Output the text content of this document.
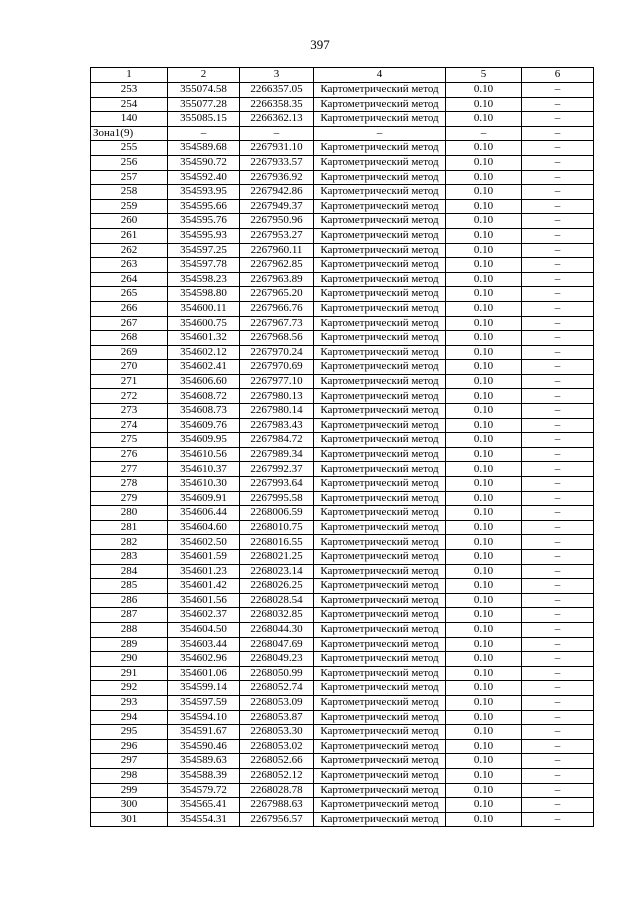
397
1	2	3	4	5	6
253	355074.58	2266357.05	Картометрический метод	0.10	–
254	355077.28	2266358.35	Картометрический метод	0.10	–
140	355085.15	2266362.13	Картометрический метод	0.10	–
Зона1(9)	–	–	–	–	–
255	354589.68	2267931.10	Картометрический метод	0.10	–
256	354590.72	2267933.57	Картометрический метод	0.10	–
257	354592.40	2267936.92	Картометрический метод	0.10	–
258	354593.95	2267942.86	Картометрический метод	0.10	–
259	354595.66	2267949.37	Картометрический метод	0.10	–
260	354595.76	2267950.96	Картометрический метод	0.10	–
261	354595.93	2267953.27	Картометрический метод	0.10	–
262	354597.25	2267960.11	Картометрический метод	0.10	–
263	354597.78	2267962.85	Картометрический метод	0.10	–
264	354598.23	2267963.89	Картометрический метод	0.10	–
265	354598.80	2267965.20	Картометрический метод	0.10	–
266	354600.11	2267966.76	Картометрический метод	0.10	–
267	354600.75	2267967.73	Картометрический метод	0.10	–
268	354601.32	2267968.56	Картометрический метод	0.10	–
269	354602.12	2267970.24	Картометрический метод	0.10	–
270	354602.41	2267970.69	Картометрический метод	0.10	–
271	354606.60	2267977.10	Картометрический метод	0.10	–
272	354608.72	2267980.13	Картометрический метод	0.10	–
273	354608.73	2267980.14	Картометрический метод	0.10	–
274	354609.76	2267983.43	Картометрический метод	0.10	–
275	354609.95	2267984.72	Картометрический метод	0.10	–
276	354610.56	2267989.34	Картометрический метод	0.10	–
277	354610.37	2267992.37	Картометрический метод	0.10	–
278	354610.30	2267993.64	Картометрический метод	0.10	–
279	354609.91	2267995.58	Картометрический метод	0.10	–
280	354606.44	2268006.59	Картометрический метод	0.10	–
281	354604.60	2268010.75	Картометрический метод	0.10	–
282	354602.50	2268016.55	Картометрический метод	0.10	–
283	354601.59	2268021.25	Картометрический метод	0.10	–
284	354601.23	2268023.14	Картометрический метод	0.10	–
285	354601.42	2268026.25	Картометрический метод	0.10	–
286	354601.56	2268028.54	Картометрический метод	0.10	–
287	354602.37	2268032.85	Картометрический метод	0.10	–
288	354604.50	2268044.30	Картометрический метод	0.10	–
289	354603.44	2268047.69	Картометрический метод	0.10	–
290	354602.96	2268049.23	Картометрический метод	0.10	–
291	354601.06	2268050.99	Картометрический метод	0.10	–
292	354599.14	2268052.74	Картометрический метод	0.10	–
293	354597.59	2268053.09	Картометрический метод	0.10	–
294	354594.10	2268053.87	Картометрический метод	0.10	–
295	354591.67	2268053.30	Картометрический метод	0.10	–
296	354590.46	2268053.02	Картометрический метод	0.10	–
297	354589.63	2268052.66	Картометрический метод	0.10	–
298	354588.39	2268052.12	Картометрический метод	0.10	–
299	354579.72	2268028.78	Картометрический метод	0.10	–
300	354565.41	2267988.63	Картометрический метод	0.10	–
301	354554.31	2267956.57	Картометрический метод	0.10	–
